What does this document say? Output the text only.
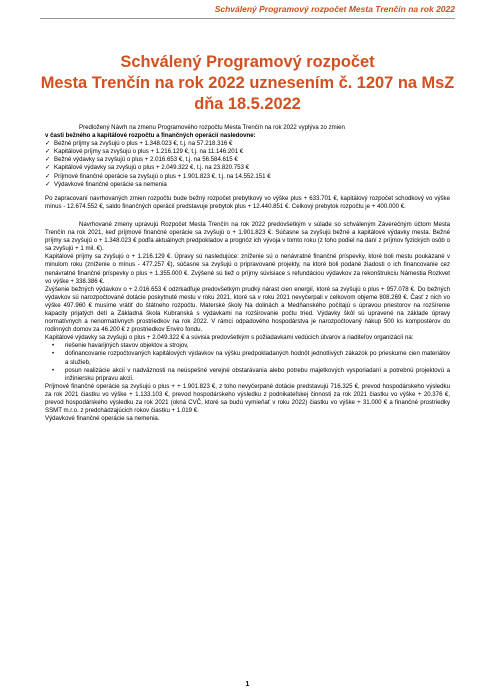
Schválený Programový rozpočet Mesta Trenčín na rok 2022
Schválený Programový rozpočet
Mesta Trenčín na rok 2022 uznesením č. 1207 na MsZ
dňa 18.5.2022

Predložený Návrh na zmenu Programového rozpočtu Mesta Trenčín na rok 2022 vyplýva zo zmien
v časti bežného a kapitálové rozpočtu a finančných operácií nasledovne:

✓ Bežné príjmy sa zvyšujú o plus + 1.348.023 €, t.j. na 57.218.316 €
✓ Kapitálové príjmy sa zvyšujú o plus + 1.216.129 €, t.j. na 11.146.201 €
✓ Bežné výdavky sa zvyšujú o plus + 2.016.653 €, t.j. na 56.584.615 €
✓ Kapitálové výdavky sa zvyšujú o plus + 2.049.322 €, t.j. na 23.820.753 €
✓ Príjmové finančné operácie sa zvyšujú o plus + 1.901.823 €, t.j. na 14.552.151 €
✓ Výdavkové finančné operácie sa nemenia

Po zapracovaní navrhovaných zmien rozpočtu bude bežný rozpočet prebytkový vo výške plus + 633.701 €, kapitálový rozpočet schodkový vo výške mínus - 12.674.552 €, saldo finančných operácií predstavuje prebytok plus + 12.440.851 €. Celkový prebytok rozpočtu je + 400.000 €.

Navrhované zmeny upravujú Rozpočet Mesta Trenčín na rok 2022 predovšetkým v súlade so schváleným Záverečným účtom Mesta Trenčín na rok 2021, keď príjmové finančné operácie sa zvyšujú o + 1.901.823 €. Súčasne sa zvyšujú bežné a kapitálové výdavky mesta. Bežné príjmy sa zvyšujú o + 1.348.023 € podľa aktuálnych predpokladov a prognóz ich vývoja v tomto roku (z toho podiel na daní z príjmov fyzických osôb o sa zvyšujú + 1 mil. €).

Kapitálové príjmy sa zvyšujú o + 1.216.129 €. Úpravy sú nasledujúce: zníženie sú o nenávratné finančné príspevky, ktoré boli mestu poukázané v minulom roku (zníženie o mínus - 477.257 €), súčasne sa zvyšujú o pripravované projekty, na ktoré boli podané žiadosti o ich financovanie cez nenávratné finančné príspevky o plus + 1.355.000 €. Zvýšené sú tiež o príjmy súvisiace s refundáciou výdavkov za rekonštrukciu Námestia Rozkvet vo výške + 338.386 €.

Zvýšenie bežných výdavkov o + 2.016.653 € odzrkadľuje predovšetkým prudký nárast cien energií, ktoré sa zvyšujú o plus + 957.078 €. Do bežných výdavkov sú narozpočtované dotácie poskytnuté mestu v roku 2021, ktoré sa v roku 2021 nevyčerpali v celkovom objeme 808.269 €. Časť z nich vo výške 497.960 € musíme vrátiť do štátneho rozpočtu. Materské školy Na dolinách a Medňanského počítajú s úpravou priestorov na rozšírenie kapacity prijatých detí a Základná škola Kubranská s výdavkami na rozširovanie počtu tried. Výdavky škôl sú upravené na základe úpravy normatívnych a nenormatívnych prostriedkov na rok 2022. V rámci odpadového hospodárstva je narozpočtovaný nákup 500 ks kompostérov do rodinných domov za 46.200 € z prostriedkov Enviro fondu.

Kapitálové výdavky sa zvyšujú o plus + 2.049.322 € a súvisia predovšetkým s požiadavkami vedúcich útvarov a riaditeľov organizácií na:

• riešenie havarijných stavov objektov a strojov,
• dofinancovanie rozpočtovaných kapitálových výdavkov na výšku predpokladaných hodnôt jednotlivých zákazok po prieskume cien materiálov a služieb,
• posun realizácie akcií v nadväznosti na neúspešné verejné obstarávania alebo potrebu majetkových vysporiadaní a potrebnú projektovú a inžiniersku prípravu akcií.

Príjmové finančné operácie sa zvyšujú o plus + + 1.901.823 €, z toho nevyčerpané dotácie predstavujú 716.325 €, prevod hospodárskeho výsledku za rok 2021 čiastku vo výške + 1.133.103 €, prevod hospodárskeho výsledku z podnikateľskej činnosti za rok 2021 čiastku vo výške + 20.376 €, prevod hospodárskeho výsledku za rok 2021 (okná CVČ, ktoré sa budú vymieňať v roku 2022) čiastku vo výške + 31.000 € a finančné prostriedky SSMT m.r.o. z predchádzajúcich rokov čiastku + 1.019 €.

Výdavkové finančné operácie sa nemenia.

1
